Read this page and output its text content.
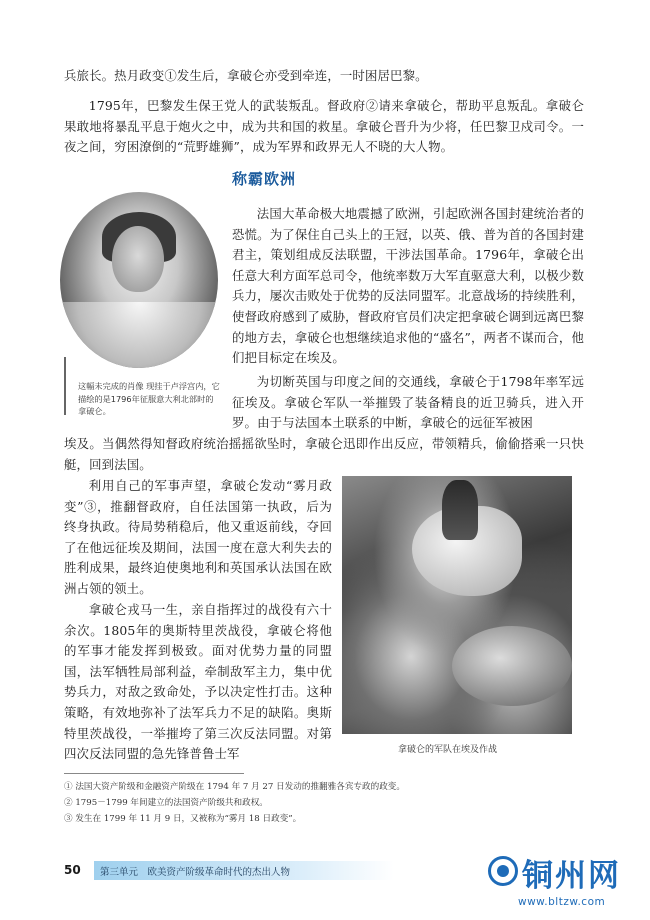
兵旅长。热月政变①发生后，拿破仑亦受到牵连，一时困居巴黎。

1795年，巴黎发生保王党人的武装叛乱。督政府②请来拿破仑，帮助平息叛乱。拿破仑果敢地将暴乱平息于炮火之中，成为共和国的救星。拿破仑晋升为少将，任巴黎卫戍司令。一夜之间，穷困潦倒的“荒野雄狮”，成为军界和政界无人不晓的大人物。

称霸欧洲

这幅未完成的肖像 现挂于卢浮宫内，它描绘的是1796年征服意大利北部时的拿破仑。

法国大革命极大地震撼了欧洲，引起欧洲各国封建统治者的恐慌。为了保住自己头上的王冠，以英、俄、普为首的各国封建君主，策划组成反法联盟，干涉法国革命。1796年，拿破仑出任意大利方面军总司令，他统率数万大军直驱意大利，以极少数兵力，屡次击败处于优势的反法同盟军。北意战场的持续胜利，使督政府感到了威胁，督政府官员们决定把拿破仑调到远离巴黎的地方去，拿破仑也想继续追求他的“盛名”，两者不谋而合，他们把目标定在埃及。

为切断英国与印度之间的交通线，拿破仑于1798年率军远征埃及。拿破仑军队一举摧毁了装备精良的近卫骑兵，进入开罗。由于与法国本土联系的中断，拿破仑的远征军被困

埃及。当偶然得知督政府统治摇摇欲坠时，拿破仑迅即作出反应，带领精兵，偷偷搭乘一只快艇，回到法国。

利用自己的军事声望，拿破仑发动“雾月政变”③，推翻督政府，自任法国第一执政，后为终身执政。待局势稍稳后，他又重返前线，夺回了在他远征埃及期间，法国一度在意大利失去的胜利成果，最终迫使奥地利和英国承认法国在欧洲占领的领土。

拿破仑戎马一生，亲自指挥过的战役有六十余次。1805年的奥斯特里茨战役，拿破仑将他的军事才能发挥到极致。面对优势力量的同盟国，法军牺牲局部利益，牵制敌军主力，集中优势兵力，对敌之致命处，予以决定性打击。这种策略，有效地弥补了法军兵力不足的缺陷。奥斯特里茨战役，一举摧垮了第三次反法同盟。对第四次反法同盟的急先锋普鲁士军	拿破仑的军队在埃及作战

① 法国大资产阶级和金融资产阶级在 1794 年 7 月 27 日发动的推翻雅各宾专政的政变。

② 1795－1799 年间建立的法国资产阶级共和政权。

③ 发生在 1799 年 11 月 9 日，又被称为“雾月 18 日政变”。

50 第三单元　欧美资产阶级革命时代的杰出人物	铜州网

www.bltzw.com
